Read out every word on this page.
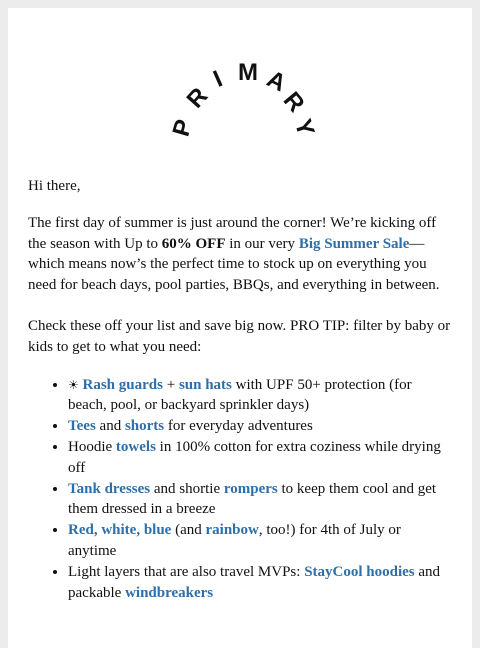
P
R
I M A
R
Y

Hi there,

The first day of summer is just around the corner! We’re kicking off the season with Up to 60% OFF in our very Big Summer Sale—which means now’s the perfect time to stock up on everything you need for beach days, pool parties, BBQs, and everything in between.

Check these off your list and save big now. PRO TIP: filter by baby or kids to get to what you need:

• ☀ Rash guards + sun hats with UPF 50+ protection (for beach, pool, or backyard sprinkler days)
• Tees and shorts for everyday adventures
• Hoodie towels in 100% cotton for extra coziness while drying off
• Tank dresses and shortie rompers to keep them cool and get them dressed in a breeze
• Red, white, blue (and rainbow, too!) for 4th of July or anytime
• Light layers that are also travel MVPs: StayCool hoodies and packable windbreakers
